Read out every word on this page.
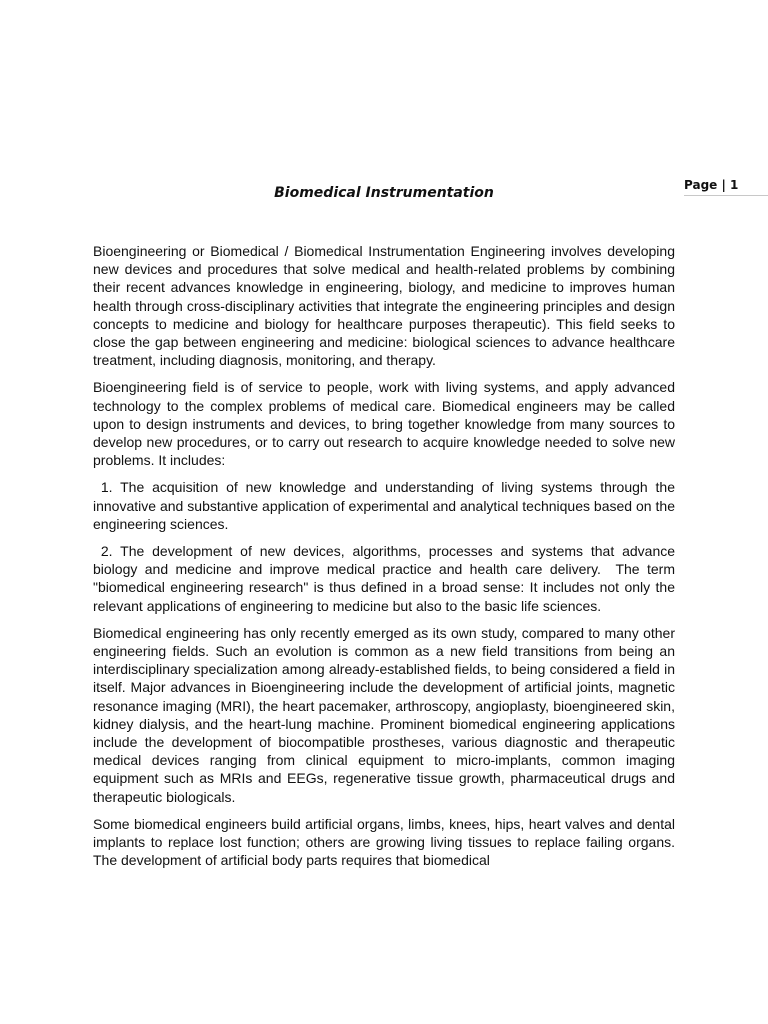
Page | 1
Biomedical Instrumentation

Bioengineering or Biomedical / Biomedical Instrumentation Engineering involves developing new devices and procedures that solve medical and health-related problems by combining their recent advances knowledge in engineering, biology, and medicine to improves human health through cross-disciplinary activities that integrate the engineering principles and design concepts to medicine and biology for healthcare purposes therapeutic). This field seeks to close the gap between engineering and medicine: biological sciences to advance healthcare treatment, including diagnosis, monitoring, and therapy.

Bioengineering field is of service to people, work with living systems, and apply advanced technology to the complex problems of medical care. Biomedical engineers may be called upon to design instruments and devices, to bring together knowledge from many sources to develop new procedures, or to carry out research to acquire knowledge needed to solve new problems. It includes:

1. The acquisition of new knowledge and understanding of living systems through the innovative and substantive application of experimental and analytical techniques based on the engineering sciences.

2. The development of new devices, algorithms, processes and systems that advance biology and medicine and improve medical practice and health care delivery.  The term "biomedical engineering research" is thus defined in a broad sense: It includes not only the relevant applications of engineering to medicine but also to the basic life sciences.

Biomedical engineering has only recently emerged as its own study, compared to many other engineering fields. Such an evolution is common as a new field transitions from being an interdisciplinary specialization among already-established fields, to being considered a field in itself. Major advances in Bioengineering include the development of artificial joints, magnetic resonance imaging (MRI), the heart pacemaker, arthroscopy, angioplasty, bioengineered skin, kidney dialysis, and the heart-lung machine. Prominent biomedical engineering applications include the development of biocompatible prostheses, various diagnostic and therapeutic medical devices ranging from clinical equipment to micro-implants, common imaging equipment such as MRIs and EEGs, regenerative tissue growth, pharmaceutical drugs and therapeutic biologicals.

Some biomedical engineers build artificial organs, limbs, knees, hips, heart valves and dental implants to replace lost function; others are growing living tissues to replace failing organs. The development of artificial body parts requires that biomedical
